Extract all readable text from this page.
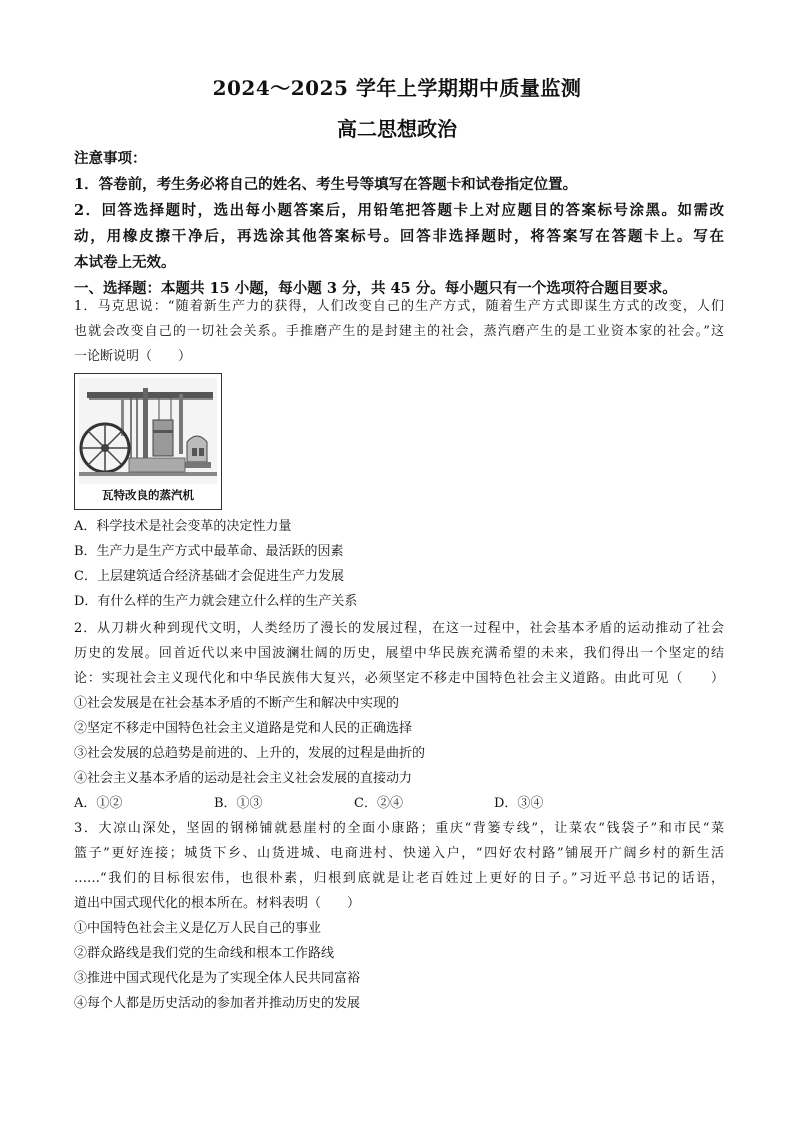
2024～2025 学年上学期期中质量监测
高二思想政治
注意事项：
1．答卷前，考生务必将自己的姓名、考生号等填写在答题卡和试卷指定位置。
2．回答选择题时，选出每小题答案后，用铅笔把答题卡上对应题目的答案标号涂黑。如需改
动，用橡皮擦干净后，再选涂其他答案标号。回答非选择题时，将答案写在答题卡上。写在
本试卷上无效。
一、选择题：本题共 15 小题，每小题 3 分，共 45 分。每小题只有一个选项符合题目要求。
1．马克思说：“随着新生产力的获得，人们改变自己的生产方式，随着生产方式即谋生方式的改变，人们
也就会改变自己的一切社会关系。手推磨产生的是封建主的社会，蒸汽磨产生的是工业资本家的社会。”这
一论断说明（　　）
瓦特改良的蒸汽机
A．科学技术是社会变革的决定性力量
B．生产力是生产方式中最革命、最活跃的因素
C．上层建筑适合经济基础才会促进生产力发展
D．有什么样的生产力就会建立什么样的生产关系
2．从刀耕火种到现代文明，人类经历了漫长的发展过程，在这一过程中，社会基本矛盾的运动推动了社会
历史的发展。回首近代以来中国波澜壮阔的历史，展望中华民族充满希望的未来，我们得出一个坚定的结
论：实现社会主义现代化和中华民族伟大复兴，必须坚定不移走中国特色社会主义道路。由此可见（　　）
①社会发展是在社会基本矛盾的不断产生和解决中实现的
②坚定不移走中国特色社会主义道路是党和人民的正确选择
③社会发展的总趋势是前进的、上升的，发展的过程是曲折的
④社会主义基本矛盾的运动是社会主义社会发展的直接动力
A．①②	B．①③	C．②④	D．③④
3．大凉山深处，坚固的钢梯铺就悬崖村的全面小康路；重庆“背篓专线”，让菜农“钱袋子”和市民“菜
篮子”更好连接；城货下乡、山货进城、电商进村、快递入户，“四好农村路”铺展开广阔乡村的新生活
……“我们的目标很宏伟，也很朴素，归根到底就是让老百姓过上更好的日子。”习近平总书记的话语，
道出中国式现代化的根本所在。材料表明（　　）
①中国特色社会主义是亿万人民自己的事业
②群众路线是我们党的生命线和根本工作路线
③推进中国式现代化是为了实现全体人民共同富裕
④每个人都是历史活动的参加者并推动历史的发展
